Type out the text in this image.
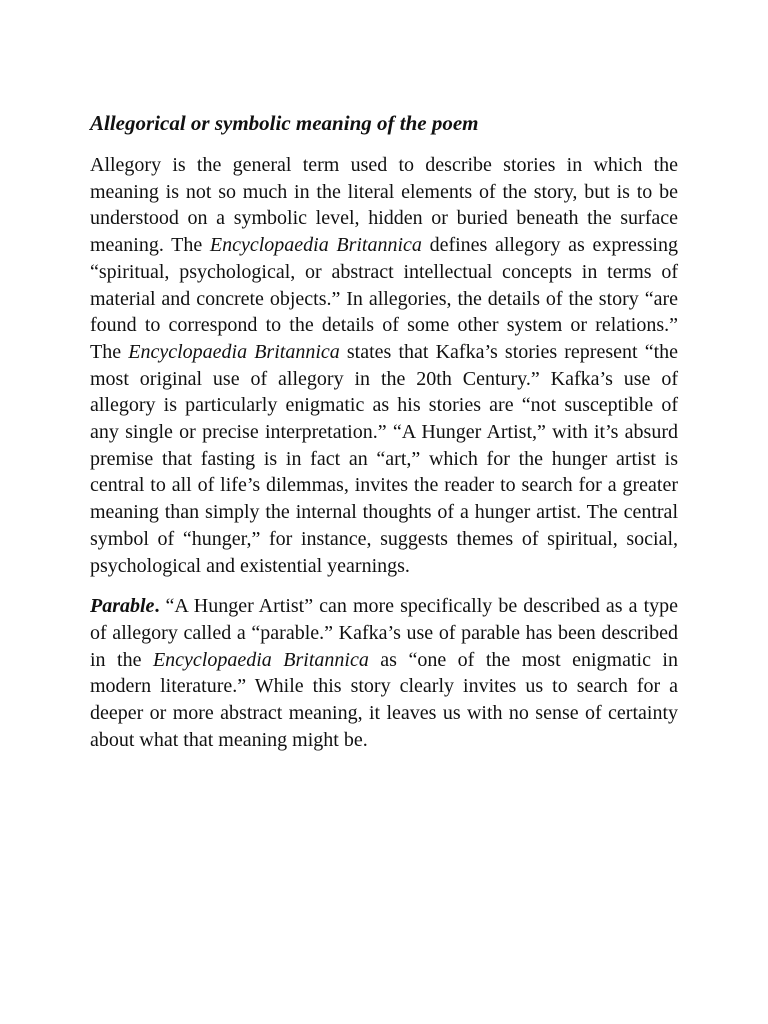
Allegorical or symbolic meaning of the poem

Allegory is the general term used to describe stories in which the meaning is not so much in the literal elements of the story, but is to be understood on a symbolic level, hidden or buried beneath the surface meaning. The Encyclopaedia Britannica defines allegory as expressing “spiritual, psychological, or abstract intellectual concepts in terms of material and concrete objects.” In allegories, the details of the story “are found to correspond to the details of some other system or relations.” The Encyclopaedia Britannica states that Kafka’s stories represent “the most original use of allegory in the 20th Century.” Kafka’s use of allegory is particularly enigmatic as his stories are “not susceptible of any single or precise interpretation.” “A Hunger Artist,” with it’s absurd premise that fasting is in fact an “art,” which for the hunger artist is central to all of life’s dilemmas, invites the reader to search for a greater meaning than simply the internal thoughts of a hunger artist. The central symbol of “hunger,” for instance, suggests themes of spiritual, social, psychological and existential yearnings.

Parable. “A Hunger Artist” can more specifically be described as a type of allegory called a “parable.” Kafka’s use of parable has been described in the Encyclopaedia Britannica as “one of the most enigmatic in modern literature.” While this story clearly invites us to search for a deeper or more abstract meaning, it leaves us with no sense of certainty about what that meaning might be.
